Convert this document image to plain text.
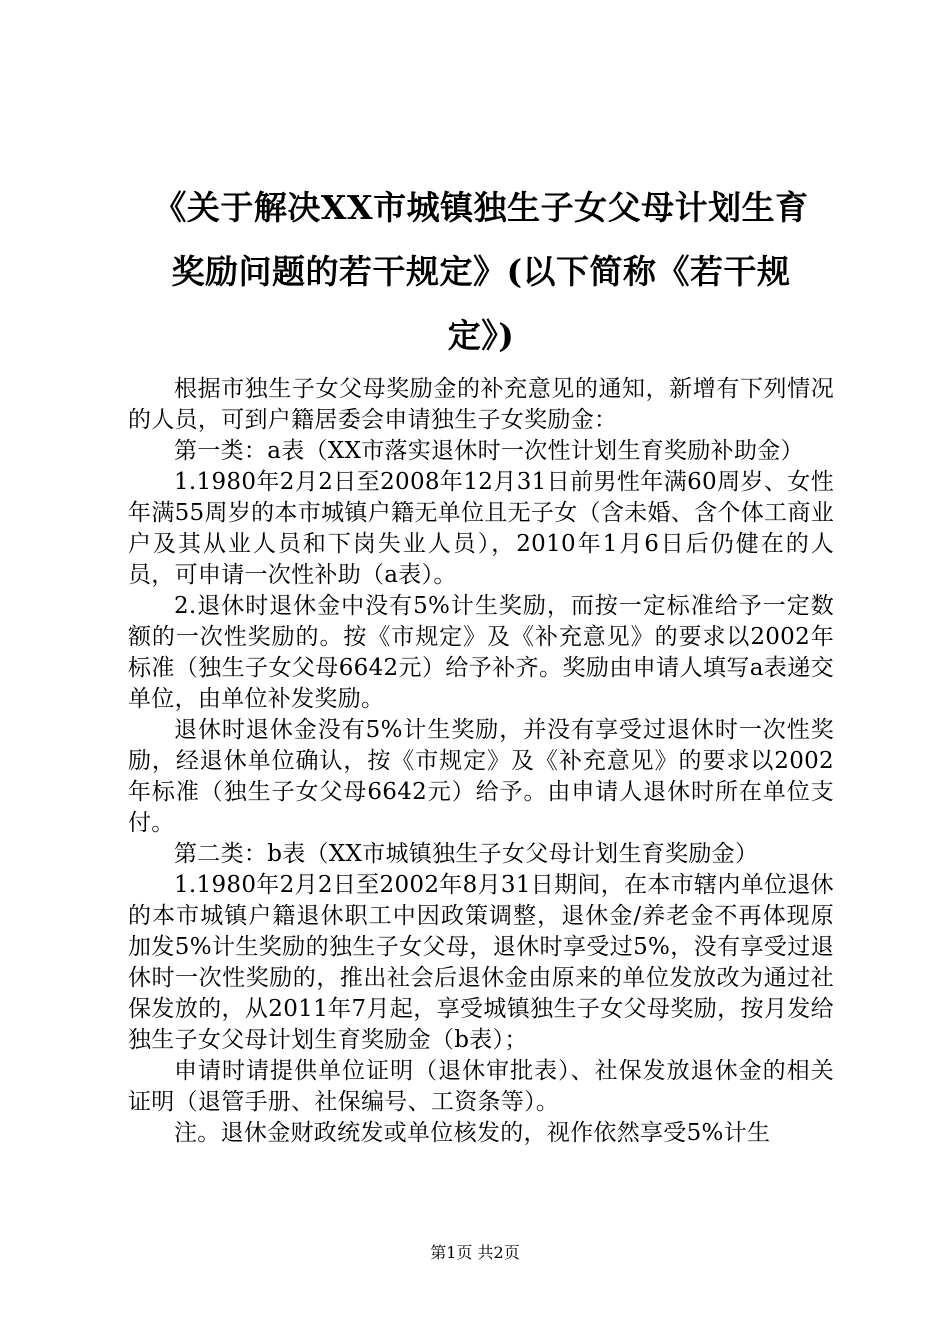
《关于解决XX市城镇独生子女父母计划生育
奖励问题的若干规定》(以下简称《若干规
定》)

根据市独生子女父母奖励金的补充意见的通知，新增有下列情况的人员，可到户籍居委会申请独生子女奖励金：

第一类：a表（XX市落实退休时一次性计划生育奖励补助金）

1.1980年2月2日至2008年12月31日前男性年满60周岁、女性年满55周岁的本市城镇户籍无单位且无子女（含未婚、含个体工商业户及其从业人员和下岗失业人员），2010年1月6日后仍健在的人员，可申请一次性补助（a表）。

2.退休时退休金中没有5%计生奖励，而按一定标准给予一定数额的一次性奖励的。按《市规定》及《补充意见》的要求以2002年标准（独生子女父母6642元）给予补齐。奖励由申请人填写a表递交单位，由单位补发奖励。

退休时退休金没有5%计生奖励，并没有享受过退休时一次性奖励，经退休单位确认，按《市规定》及《补充意见》的要求以2002年标准（独生子女父母6642元）给予。由申请人退休时所在单位支付。

第二类：b表（XX市城镇独生子女父母计划生育奖励金）

1.1980年2月2日至2002年8月31日期间，在本市辖内单位退休的本市城镇户籍退休职工中因政策调整，退休金/养老金不再体现原加发5%计生奖励的独生子女父母，退休时享受过5%，没有享受过退休时一次性奖励的，推出社会后退休金由原来的单位发放改为通过社保发放的，从2011年7月起，享受城镇独生子女父母奖励，按月发给独生子女父母计划生育奖励金（b表）；

申请时请提供单位证明（退休审批表）、社保发放退休金的相关证明（退管手册、社保编号、工资条等）。

注。退休金财政统发或单位核发的，视作依然享受5%计生

第1页 共2页
